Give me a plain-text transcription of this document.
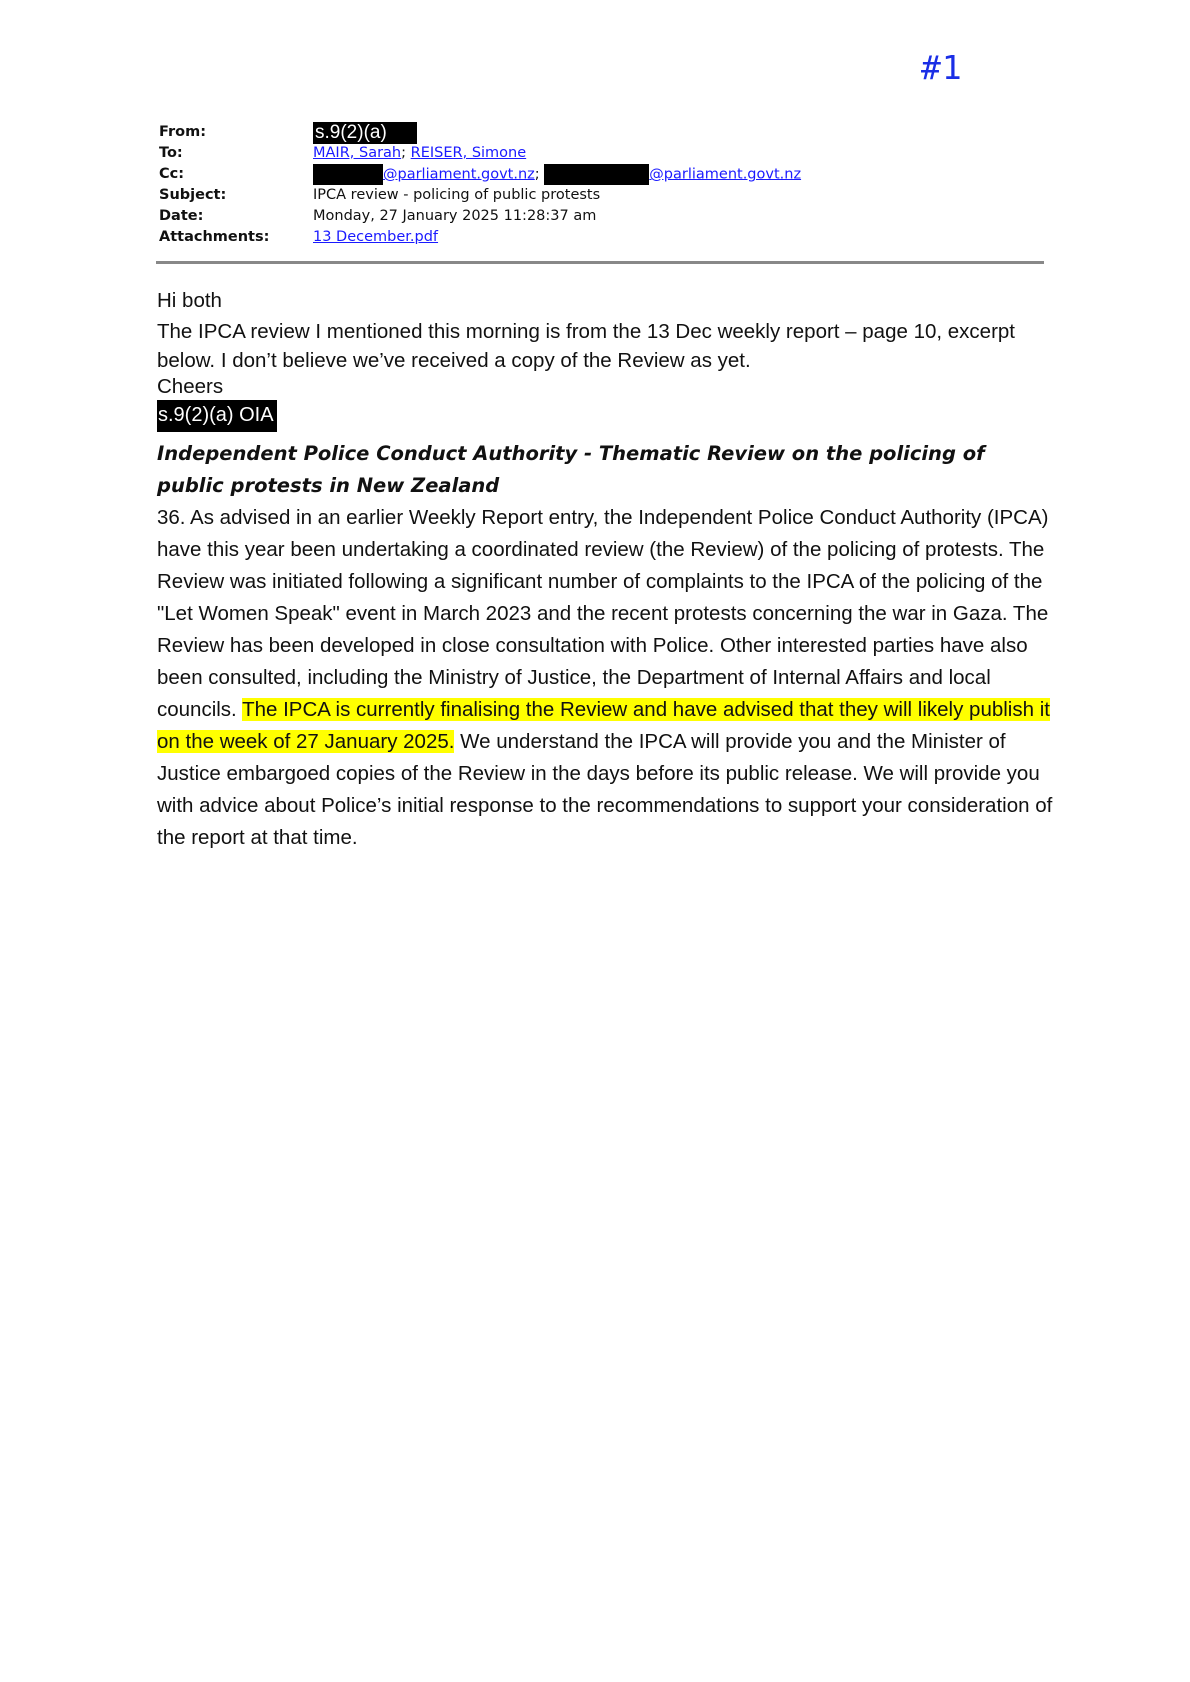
#1
From:	s.9(2)(a)
To:	MAIR, Sarah; REISER, Simone
Cc:	@parliament.govt.nz;	@parliament.govt.nz
Subject:	IPCA review - policing of public protests
Date:	Monday, 27 January 2025 11:28:37 am
Attachments:	13 December.pdf

Hi both

The IPCA review I mentioned this morning is from the 13 Dec weekly report – page 10, excerpt below. I don’t believe we’ve received a copy of the Review as yet.

Cheers

s.9(2)(a) OIA

Independent Police Conduct Authority - Thematic Review on the policing of public protests in New Zealand

36. As advised in an earlier Weekly Report entry, the Independent Police Conduct Authority (IPCA) have this year been undertaking a coordinated review (the Review) of the policing of protests. The Review was initiated following a significant number of complaints to the IPCA of the policing of the "Let Women Speak" event in March 2023 and the recent protests concerning the war in Gaza. The Review has been developed in close consultation with Police. Other interested parties have also been consulted, including the Ministry of Justice, the Department of Internal Affairs and local councils. The IPCA is currently finalising the Review and have advised that they will likely publish it on the week of 27 January 2025. We understand the IPCA will provide you and the Minister of Justice embargoed copies of the Review in the days before its public release. We will provide you with advice about Police’s initial response to the recommendations to support your consideration of the report at that time.
